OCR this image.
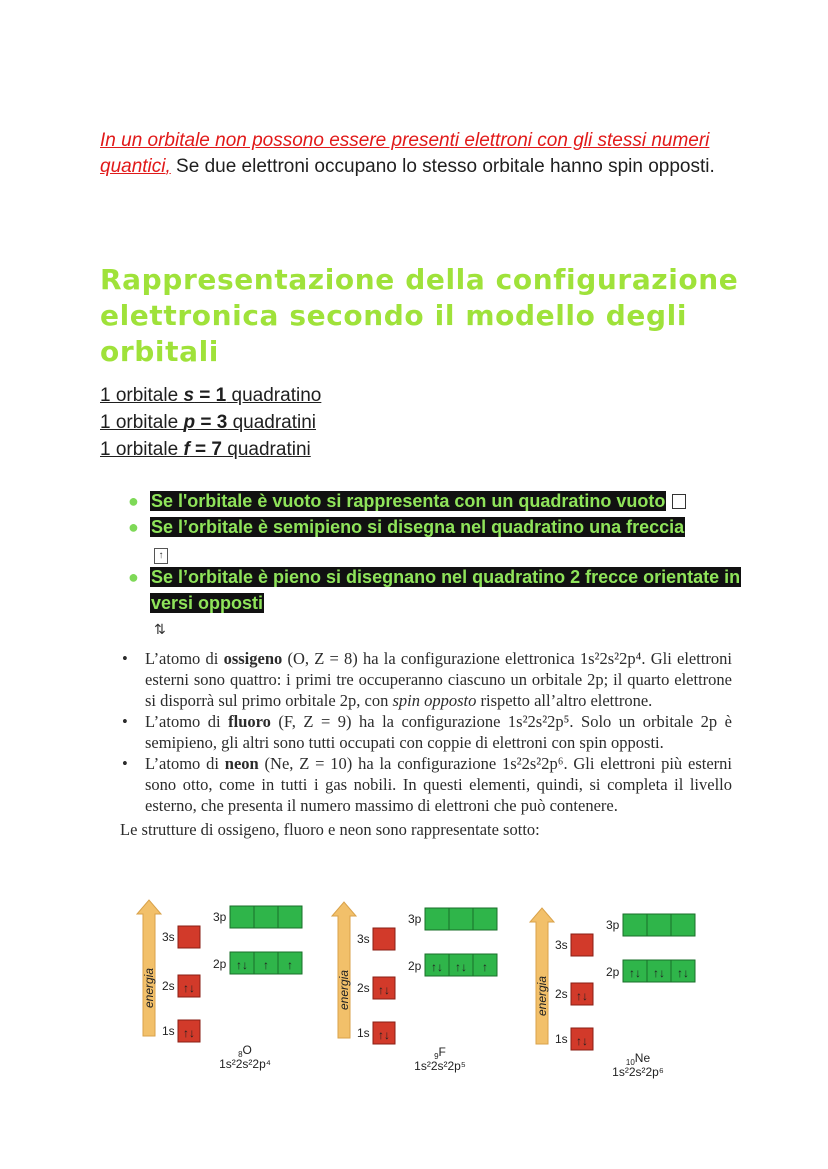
In un orbitale non possono essere presenti elettroni con gli stessi numeri quantici, Se due elettroni occupano lo stesso orbitale hanno spin opposti.
Rappresentazione della configurazione elettronica secondo il modello degli orbitali
1 orbitale s = 1 quadratino
1 orbitale p = 3 quadratini
1 orbitale f = 7 quadratini
● Se l'orbitale è vuoto si rappresenta con un quadratino vuoto
● Se l’orbitale è semipieno si disegna nel quadratino una freccia
↑
● Se l’orbitale è pieno si disegnano nel quadratino 2 frecce orientate in versi opposti
⇅
• L’atomo di ossigeno (O, Z = 8) ha la configurazione elettronica 1s²2s²2p⁴. Gli elettroni esterni sono quattro: i primi tre occuperanno ciascuno un orbitale 2p; il quarto elettrone si disporrà sul primo orbitale 2p, con spin opposto rispetto all’altro elettrone.
• L’atomo di fluoro (F, Z = 9) ha la configurazione 1s²2s²2p⁵. Solo un orbitale 2p è semipieno, gli altri sono tutti occupati con coppie di elettroni con spin opposti.
• L’atomo di neon (Ne, Z = 10) ha la configurazione 1s²2s²2p⁶. Gli elettroni più esterni sono otto, come in tutti i gas nobili. In questi elementi, quindi, si completa il livello esterno, che presenta il numero massimo di elettroni che può contenere.
Le strutture di ossigeno, fluoro e neon sono rappresentate sotto:
energia
3s
2s ↑↓
1s ↑↓
3p
2p ↑↓ ↑ ↑
$_8$O
1s²2s²2p⁴
energia
3s
2s ↑↓
1s ↑↓
3p
2p ↑↓ ↑↓ ↑
$_9$F
1s²2s²2p⁵
energia
3s
2s ↑↓
1s ↑↓
3p
2p ↑↓ ↑↓ ↑↓
$_{10}$Ne
1s²2s²2p⁶
